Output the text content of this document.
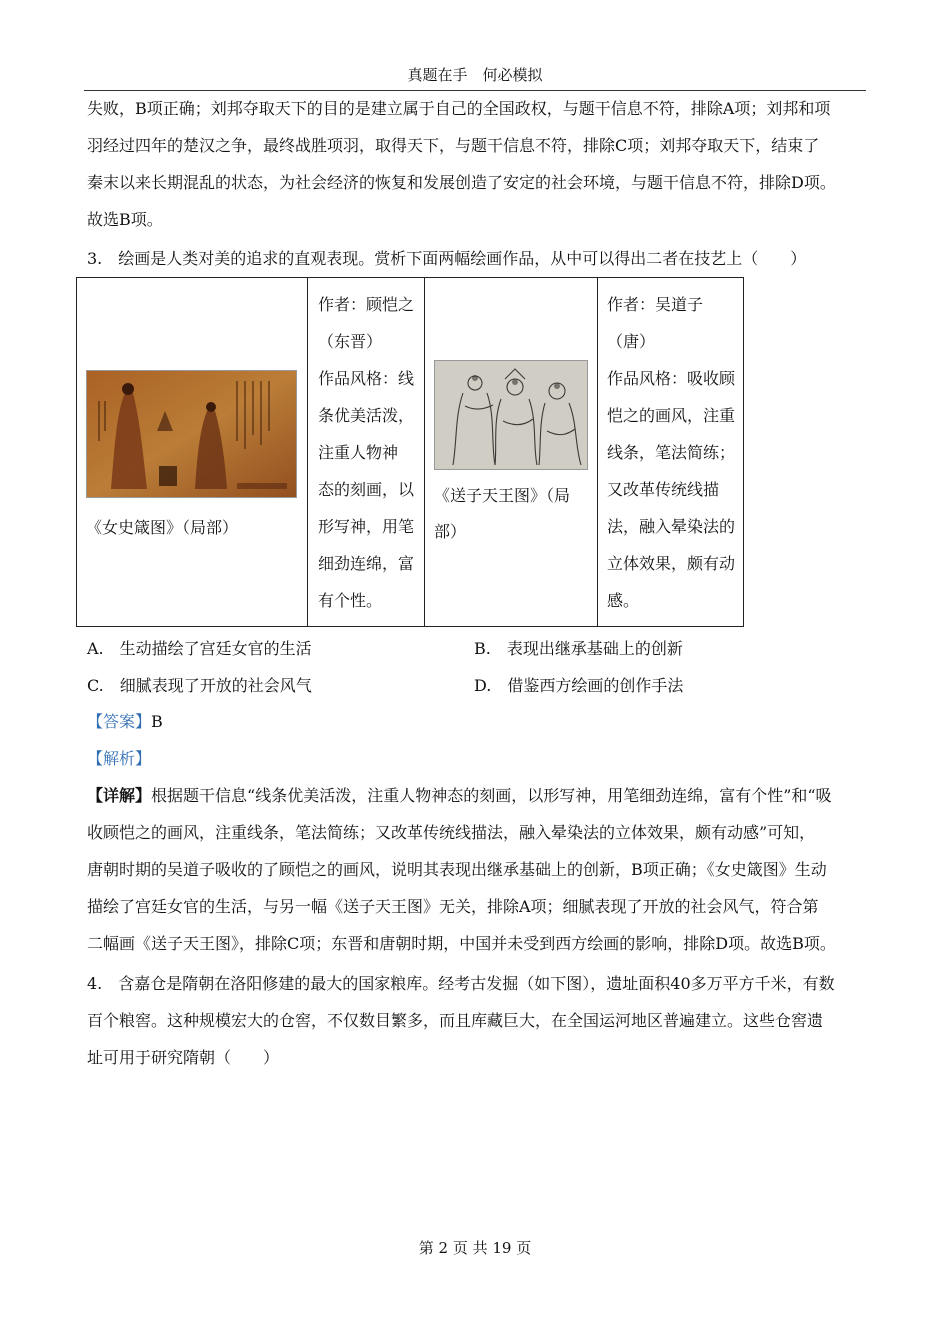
真题在手　何必模拟
失败，B项正确；刘邦夺取天下的目的是建立属于自己的全国政权，与题干信息不符，排除A项；刘邦和项
羽经过四年的楚汉之争，最终战胜项羽，取得天下，与题干信息不符，排除C项；刘邦夺取天下，结束了
秦末以来长期混乱的状态，为社会经济的恢复和发展创造了安定的社会环境，与题干信息不符，排除D项。
故选B项。
3.　绘画是人类对美的追求的直观表现。赏析下面两幅绘画作品，从中可以得出二者在技艺上（　　）
《女史箴图》（局部）

作者：顾恺之
（东晋）
作品风格：线
条优美活泼，
注重人物神
态的刻画，以
形写神，用笔
细劲连绵，富
有个性。

《送子天王图》（局
部）

作者：吴道子（唐）
作品风格：吸收顾
恺之的画风，注重
线条，笔法简练；
又改革传统线描
法，融入晕染法的
立体效果，颇有动
感。
A.　生动描绘了宫廷女官的生活	B.　表现出继承基础上的创新
C.　细腻表现了开放的社会风气	D.　借鉴西方绘画的创作手法
【答案】B
【解析】
【详解】根据题干信息“线条优美活泼，注重人物神态的刻画，以形写神，用笔细劲连绵，富有个性”和“吸
收顾恺之的画风，注重线条，笔法简练；又改革传统线描法，融入晕染法的立体效果，颇有动感”可知，
唐朝时期的吴道子吸收的了顾恺之的画风，说明其表现出继承基础上的创新，B项正确；《女史箴图》生动
描绘了宫廷女官的生活，与另一幅《送子天王图》无关，排除A项；细腻表现了开放的社会风气，符合第
二幅画《送子天王图》，排除C项；东晋和唐朝时期，中国并未受到西方绘画的影响，排除D项。故选B项。
4.　含嘉仓是隋朝在洛阳修建的最大的国家粮库。经考古发掘（如下图），遗址面积40多万平方千米，有数
百个粮窖。这种规模宏大的仓窖，不仅数目繁多，而且库藏巨大，在全国运河地区普遍建立。这些仓窖遗
址可用于研究隋朝（　　）
第 2 页 共 19 页
